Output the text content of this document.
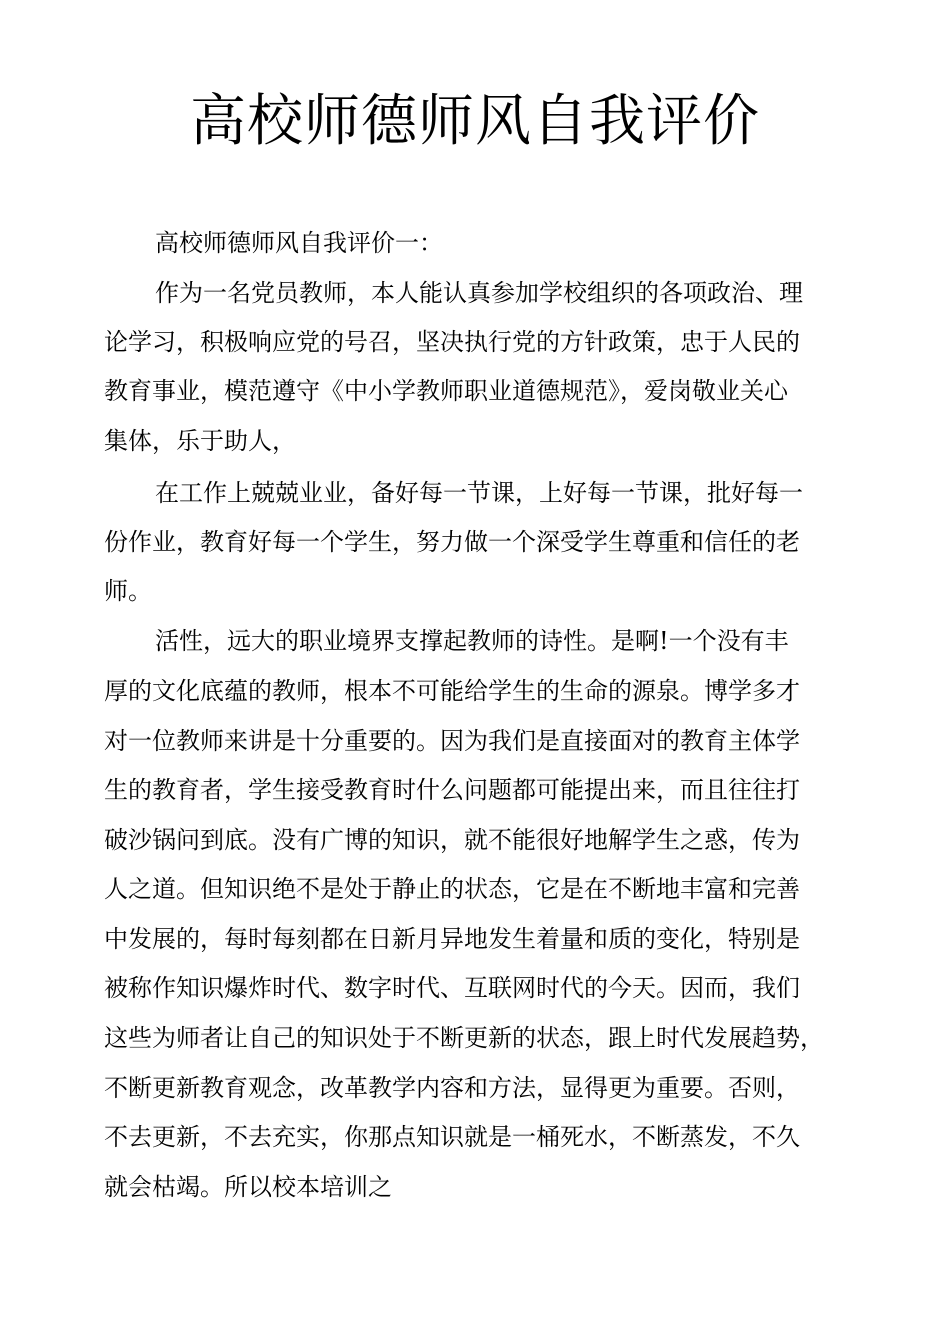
高校师德师风自我评价

高校师德师风自我评价一：

作为一名党员教师，本人能认真参加学校组织的各项政治、理

论学习，积极响应党的号召，坚决执行党的方针政策，忠于人民的

教育事业，模范遵守《中小学教师职业道德规范》，爱岗敬业关心

集体，乐于助人，

在工作上兢兢业业，备好每一节课，上好每一节课，批好每一

份作业，教育好每一个学生，努力做一个深受学生尊重和信任的老

师。

活性，远大的职业境界支撑起教师的诗性。是啊!一个没有丰

厚的文化底蕴的教师，根本不可能给学生的生命的源泉。博学多才

对一位教师来讲是十分重要的。因为我们是直接面对的教育主体学

生的教育者，学生接受教育时什么问题都可能提出来，而且往往打

破沙锅问到底。没有广博的知识，就不能很好地解学生之惑，传为

人之道。但知识绝不是处于静止的状态，它是在不断地丰富和完善

中发展的，每时每刻都在日新月异地发生着量和质的变化，特别是

被称作知识爆炸时代、数字时代、互联网时代的今天。因而，我们

这些为师者让自己的知识处于不断更新的状态，跟上时代发展趋势，

不断更新教育观念，改革教学内容和方法，显得更为重要。否则，

不去更新，不去充实，你那点知识就是一桶死水，不断蒸发，不久

就会枯竭。所以校本培训之
